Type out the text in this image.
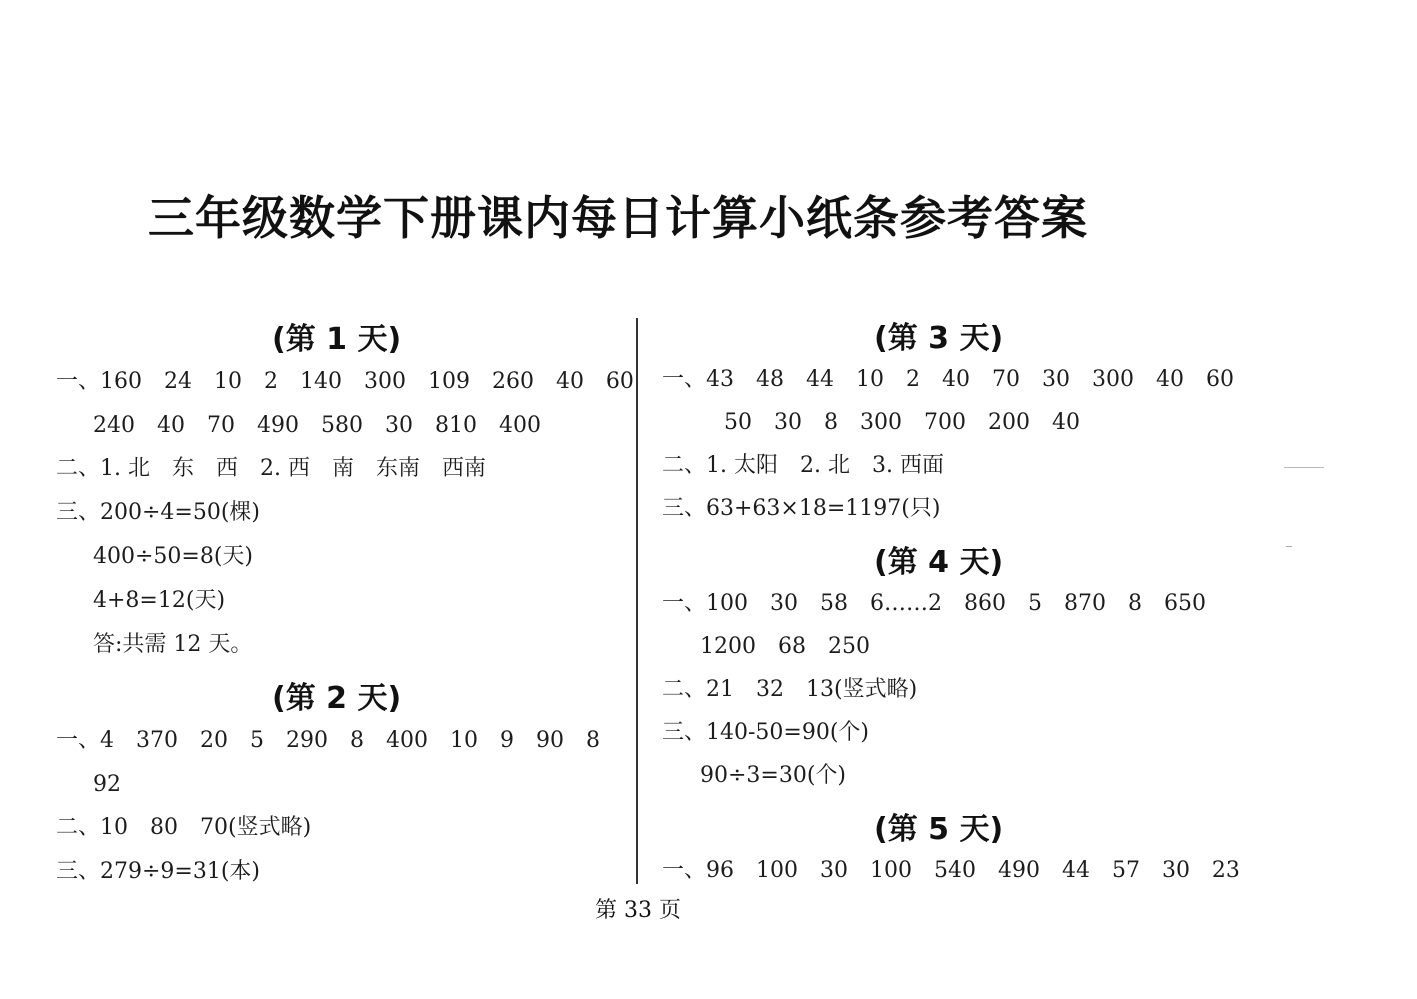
三年级数学下册课内每日计算小纸条参考答案
(第 1 天)
一、160　24　10　2　140　300　109　260　40　60
240　40　70　490　580　30　810　400
二、1. 北　东　西　2. 西　南　东南　西南
三、200÷4=50(棵)
400÷50=8(天)
4+8=12(天)
答:共需 12 天。
(第 2 天)
一、4　370　20　5　290　8　400　10　9　90　8
92
二、10　80　70(竖式略)
三、279÷9=31(本)
(第 3 天)
一、43　48　44　10　2　40　70　30　300　40　60
50　30　8　300　700　200　40
二、1. 太阳　2. 北　3. 西面
三、63+63×18=1197(只)
(第 4 天)
一、100　30　58　6……2　860　5　870　8　650
1200　68　250
二、21　32　13(竖式略)
三、140-50=90(个)
90÷3=30(个)
(第 5 天)
一、96　100　30　100　540　490　44　57　30　23
第 33 页
